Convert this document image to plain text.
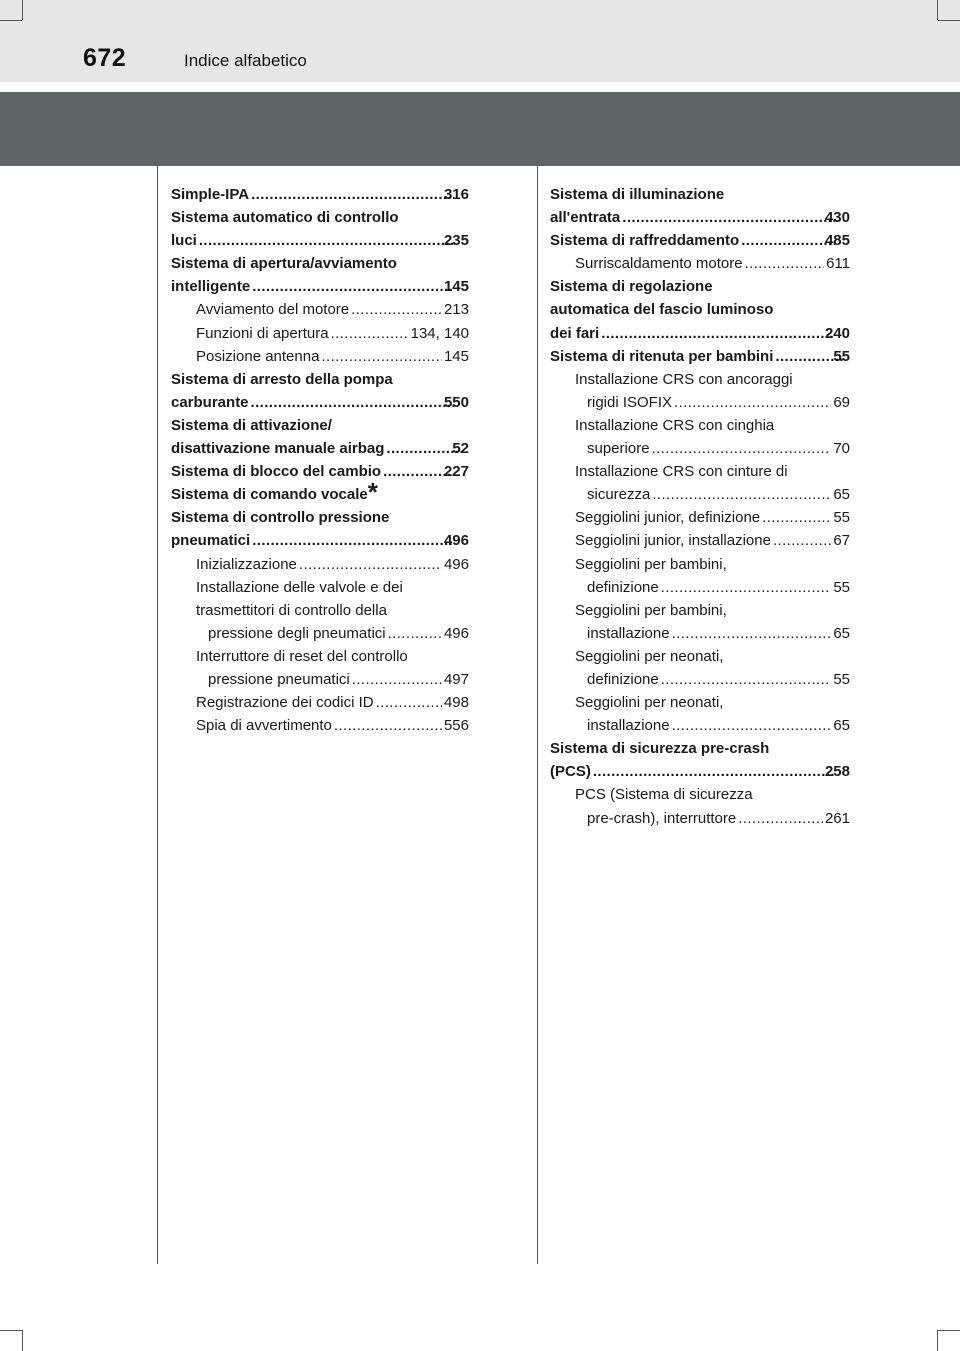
672	Indice alfabetico
Simple-IPA .....	316
Sistema automatico di controllo
luci .....	235
Sistema di apertura/avviamento
intelligente .....	145
Avviamento del motore .....	213
Funzioni di apertura .....	134, 140
Posizione antenna .....	145
Sistema di arresto della pompa
carburante .....	550
Sistema di attivazione/
disattivazione manuale airbag .....	52
Sistema di blocco del cambio .....	227
Sistema di comando vocale*
Sistema di controllo pressione
pneumatici .....	496
Inizializzazione .....	496
Installazione delle valvole e dei
trasmettitori di controllo della
pressione degli pneumatici .....	496
Interruttore di reset del controllo
pressione pneumatici .....	497
Registrazione dei codici ID .....	498
Spia di avvertimento .....	556
Sistema di illuminazione
all'entrata .....	430
Sistema di raffreddamento .....	485
Surriscaldamento motore .....	611
Sistema di regolazione
automatica del fascio luminoso
dei fari .....	240
Sistema di ritenuta per bambini .....	55
Installazione CRS con ancoraggi
rigidi ISOFIX .....	69
Installazione CRS con cinghia
superiore .....	70
Installazione CRS con cinture di
sicurezza .....	65
Seggiolini junior, definizione .....	55
Seggiolini junior, installazione .....	67
Seggiolini per bambini,
definizione .....	55
Seggiolini per bambini,
installazione .....	65
Seggiolini per neonati,
definizione .....	55
Seggiolini per neonati,
installazione .....	65
Sistema di sicurezza pre-crash
(PCS) .....	258
PCS (Sistema di sicurezza
pre-crash), interruttore .....	261
